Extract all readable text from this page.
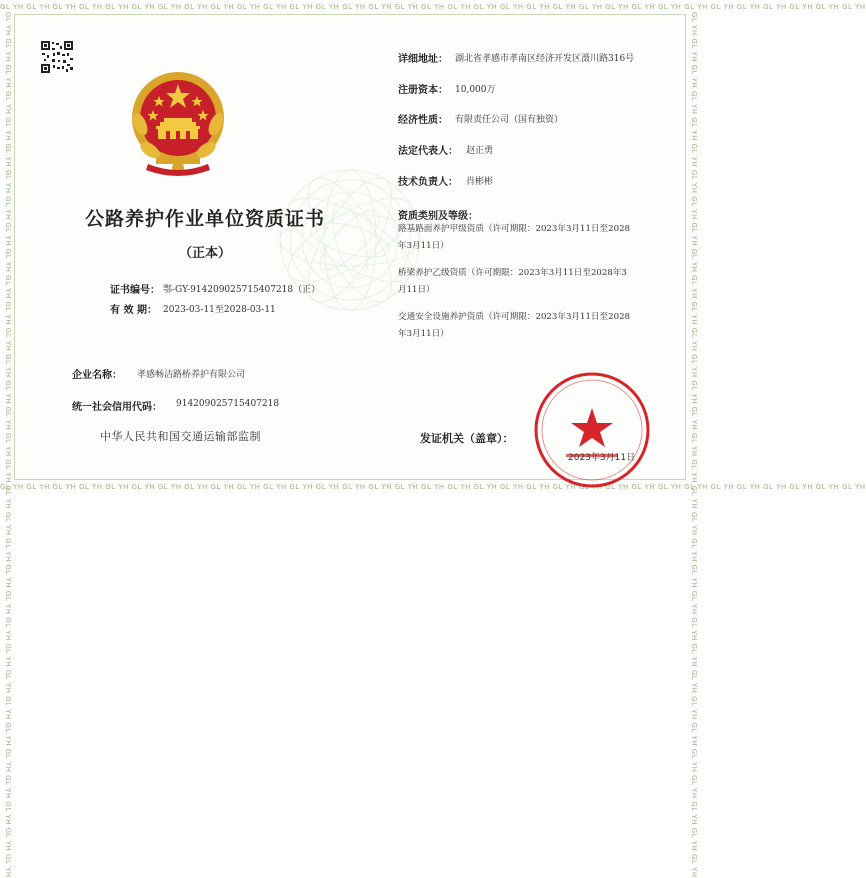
GL YH GL YH GL YH GL YH GL YH GL YH GL YH GL YH GL YH GL YH GL YH GL YH GL YH GL YH GL YH GL YH GL YH GL YH GL YH GL YH GL YH GL YH GL YH GL YH GL YH GL YH GL YH GL YH GL YH GL YH GL YH GL YH GL YH
GL YH GL YH GL YH GL YH GL YH GL YH GL YH GL YH GL YH GL YH GL YH GL YH GL YH GL YH GL YH GL YH GL YH GL YH GL YH GL YH GL YH GL YH GL YH GL YH GL YH GL YH GL YH GL YH GL YH GL YH GL YH GL YH GL YH
GL YH GL YH GL YH GL YH GL YH GL YH GL YH GL YH GL YH GL YH GL YH GL YH GL YH GL YH GL YH GL YH GL YH GL YH GL YH GL YH GL YH GL YH GL YH GL YH GL YH GL YH GL YH GL YH GL YH GL YH GL YH GL YH GL YH	GL YH GL YH GL YH GL YH GL YH GL YH GL YH GL YH GL YH GL YH GL YH GL YH GL YH GL YH GL YH GL YH GL YH GL YH GL YH GL YH GL YH GL YH GL YH GL YH GL YH GL YH GL YH GL YH GL YH GL YH GL YH GL YH GL YH
公路养护作业单位资质证书
（正本）
证书编号： 鄂-GY-914209025715407218（正）
有 效 期： 2023-03-11至2028-03-11
企业名称： 孝感畅洁路桥养护有限公司
统一社会信用代码： 914209025715407218
中华人民共和国交通运输部监制
详细地址： 湖北省孝感市孝南区经济开发区滠川路316号
注册资本： 10,000万
经济性质： 有限责任公司（国有独资）
法定代表人： 赵正勇
技术负责人： 肖彬彬
资质类别及等级：
路基路面养护甲级资质（许可期限：2023年3月11日至2028
年3月11日）
桥梁养护乙级资质（许可期限：2023年3月11日至2028年3
月11日）
交通安全设施养护资质（许可期限：2023年3月11日至2028
年3月11日）
发证机关（盖章）：
2023年3月11日
